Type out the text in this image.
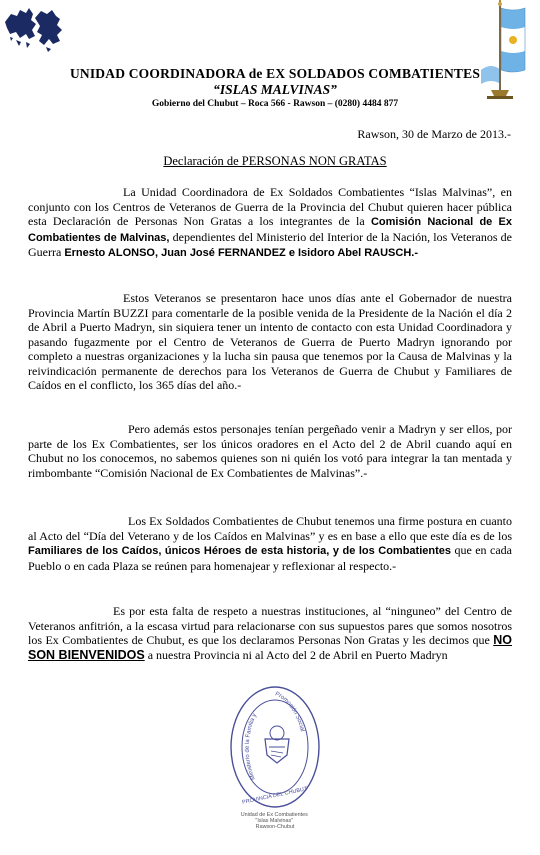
UNIDAD COORDINADORA de EX SOLDADOS COMBATIENTES
“ISLAS MALVINAS”
Gobierno del Chubut – Roca 566 - Rawson – (0280) 4484 877
Rawson, 30 de Marzo de 2013.-
Declaración de PERSONAS NON GRATAS
La Unidad Coordinadora de Ex Soldados Combatientes “Islas Malvinas”, en conjunto con los Centros de Veteranos de Guerra de la Provincia del Chubut quieren hacer pública esta Declaración de Personas Non Gratas a los integrantes de la Comisión Nacional de Ex Combatientes de Malvinas, dependientes del Ministerio del Interior de la Nación, los Veteranos de Guerra Ernesto ALONSO, Juan José FERNANDEZ e Isidoro Abel RAUSCH.-
Estos Veteranos se presentaron hace unos días ante el Gobernador de nuestra Provincia Martín BUZZI para comentarle de la posible venida de la Presidente de la Nación el día 2 de Abril a Puerto Madryn, sin siquiera tener un intento de contacto con esta Unidad Coordinadora y pasando fugazmente por el Centro de Veteranos de Guerra de Puerto Madryn ignorando por completo a nuestras organizaciones y la lucha sin pausa que tenemos por la Causa de Malvinas y la reivindicación permanente de derechos para los Veteranos de Guerra de Chubut y Familiares de Caídos en el conflicto, los 365 días del año.-
Pero además estos personajes tenían pergeñado venir a Madryn y ser ellos, por parte de los Ex Combatientes, ser los únicos oradores en el Acto del 2 de Abril cuando aquí en Chubut no los conocemos, no sabemos quienes son ni quién los votó para integrar la tan mentada y rimbombante “Comisión Nacional de Ex Combatientes de Malvinas”.-
Los Ex Soldados Combatientes de Chubut tenemos una firme postura en cuanto al Acto del “Día del Veterano y de los Caídos en Malvinas” y es en base a ello que este día es de los Familiares de los Caídos, únicos Héroes de esta historia, y de los Combatientes que en cada Pueblo o en cada Plaza se reúnen para homenajear y reflexionar al respecto.-
Es por esta falta de respeto a nuestras instituciones, al “ninguneo” del Centro de Veteranos anfitrión, a la escasa virtud para relacionarse con sus supuestos pares que somos nosotros los Ex Combatientes de Chubut, es que los declaramos Personas Non Gratas y les decimos que NO SON BIENVENIDOS a nuestra Provincia ni al Acto del 2 de Abril en Puerto Madryn
Ministerio de la Familia y
Promoción Social
PROVINCIA DEL CHUBUT
Unidad de Ex Combatientes "Islas Malvinas" Rawson-Chubut
